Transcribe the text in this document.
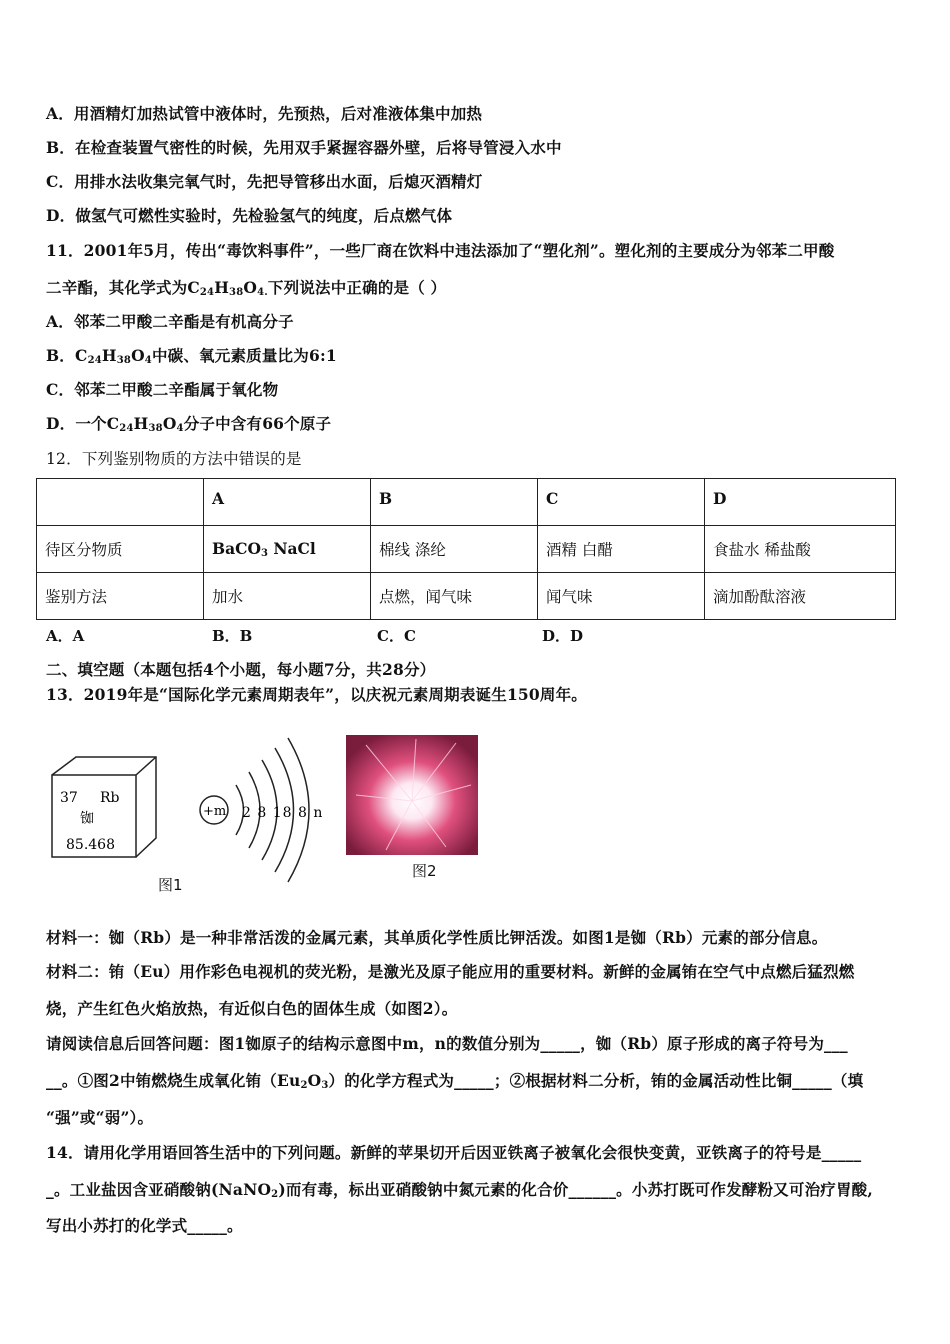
A．用酒精灯加热试管中液体时，先预热，后对准液体集中加热
B．在检查装置气密性的时候，先用双手紧握容器外壁，后将导管浸入水中
C．用排水法收集完氧气时，先把导管移出水面，后熄灭酒精灯
D．做氢气可燃性实验时，先检验氢气的纯度，后点燃气体
11．2001年5月，传出“毒饮料事件”，一些厂商在饮料中违法添加了“塑化剂”。塑化剂的主要成分为邻苯二甲酸
二辛酯，其化学式为$C_{24}H_{38}O_{4.}$下列说法中正确的是（ ）
A．邻苯二甲酸二辛酯是有机高分子
B．$C_{24}H_{38}O_4$中碳、氧元素质量比为6:1
C．邻苯二甲酸二辛酯属于氧化物
D．一个$C_{24}H_{38}O_4$分子中含有66个原子
12．下列鉴别物质的方法中错误的是
	A	B	C	D
待区分物质	BaCO$_3$ NaCl	棉线 涤纶	酒精 白醋	食盐水 稀盐酸
鉴别方法	加水	点燃，闻气味	闻气味	滴加酚酞溶液
A．A	B．B	C．C	D．D
二、填空题（本题包括4个小题，每小题7分，共28分）
13．2019年是“国际化学元素周期表年”，以庆祝元素周期表诞生150周年。
37 Rb
铷
85.468
+m 2 8 18 8 n
图1
图2
材料一：铷（Rb）是一种非常活泼的金属元素，其单质化学性质比钾活泼。如图1是铷（Rb）元素的部分信息。
材料二：铕（Eu）用作彩色电视机的荧光粉，是激光及原子能应用的重要材料。新鲜的金属铕在空气中点燃后猛烈燃
烧，产生红色火焰放热，有近似白色的固体生成（如图2）。
请阅读信息后回答问题：图1铷原子的结构示意图中m，n的数值分别为_____，铷（Rb）原子形成的离子符号为___
__。①图2中铕燃烧生成氧化铕$(Eu_2O_3)$的化学方程式为_____；②根据材料二分析，铕的金属活动性比铜_____（填
“强”或“弱”）。
14．请用化学用语回答生活中的下列问题。新鲜的苹果切开后因亚铁离子被氧化会很快变黄，亚铁离子的符号是_____
_。工业盐因含亚硝酸钠(NaNO$_2$)而有毒，标出亚硝酸钠中氮元素的化合价______。小苏打既可作发酵粉又可治疗胃酸,
写出小苏打的化学式_____。
